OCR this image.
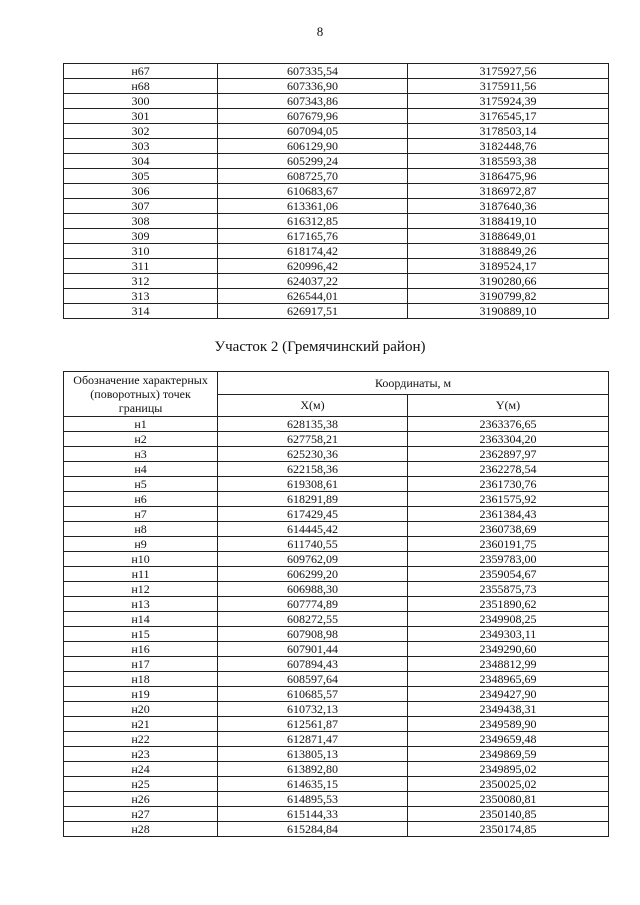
8
н67	607335,54	3175927,56
н68	607336,90	3175911,56
300	607343,86	3175924,39
301	607679,96	3176545,17
302	607094,05	3178503,14
303	606129,90	3182448,76
304	605299,24	3185593,38
305	608725,70	3186475,96
306	610683,67	3186972,87
307	613361,06	3187640,36
308	616312,85	3188419,10
309	617165,76	3188649,01
310	618174,42	3188849,26
311	620996,42	3189524,17
312	624037,22	3190280,66
313	626544,01	3190799,82
314	626917,51	3190889,10
Участок 2 (Гремячинский район)
Обозначение характерных (поворотных) точек границы	Координаты, м	
	X(м)	Y(м)
н1	628135,38	2363376,65
н2	627758,21	2363304,20
н3	625230,36	2362897,97
н4	622158,36	2362278,54
н5	619308,61	2361730,76
н6	618291,89	2361575,92
н7	617429,45	2361384,43
н8	614445,42	2360738,69
н9	611740,55	2360191,75
н10	609762,09	2359783,00
н11	606299,20	2359054,67
н12	606988,30	2355875,73
н13	607774,89	2351890,62
н14	608272,55	2349908,25
н15	607908,98	2349303,11
н16	607901,44	2349290,60
н17	607894,43	2348812,99
н18	608597,64	2348965,69
н19	610685,57	2349427,90
н20	610732,13	2349438,31
н21	612561,87	2349589,90
н22	612871,47	2349659,48
н23	613805,13	2349869,59
н24	613892,80	2349895,02
н25	614635,15	2350025,02
н26	614895,53	2350080,81
н27	615144,33	2350140,85
н28	615284,84	2350174,85
